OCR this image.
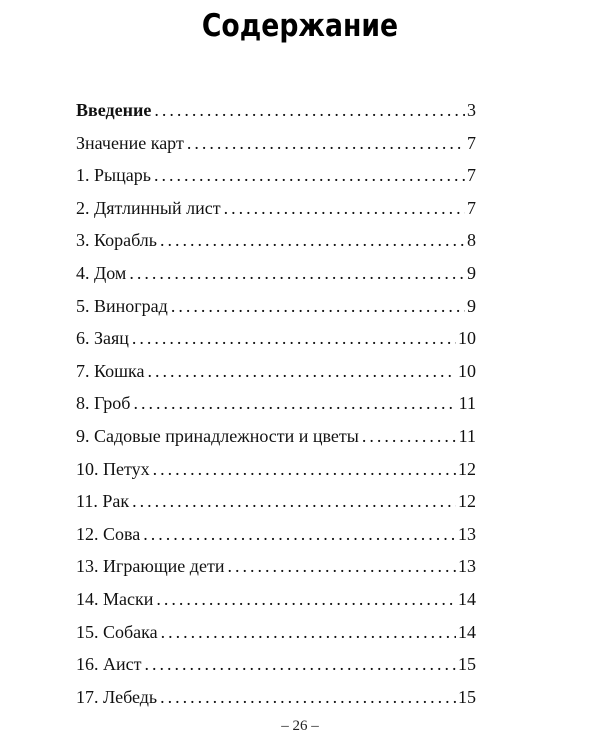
Содержание
Введение .....	3
Значение карт .....	7
1. Рыцарь .....	7
2. Дятлинный лист .....	7
3. Корабль .....	8
4. Дом .....	9
5. Виноград .....	9
6. Заяц .....	10
7. Кошка .....	10
8. Гроб .....	11
9. Садовые принадлежности и цветы .....	11
10. Петух .....	12
11. Рак .....	12
12. Сова .....	13
13. Играющие дети .....	13
14. Маски .....	14
15. Собака .....	14
16. Аист .....	15
17. Лебедь .....	15
– 26 –
